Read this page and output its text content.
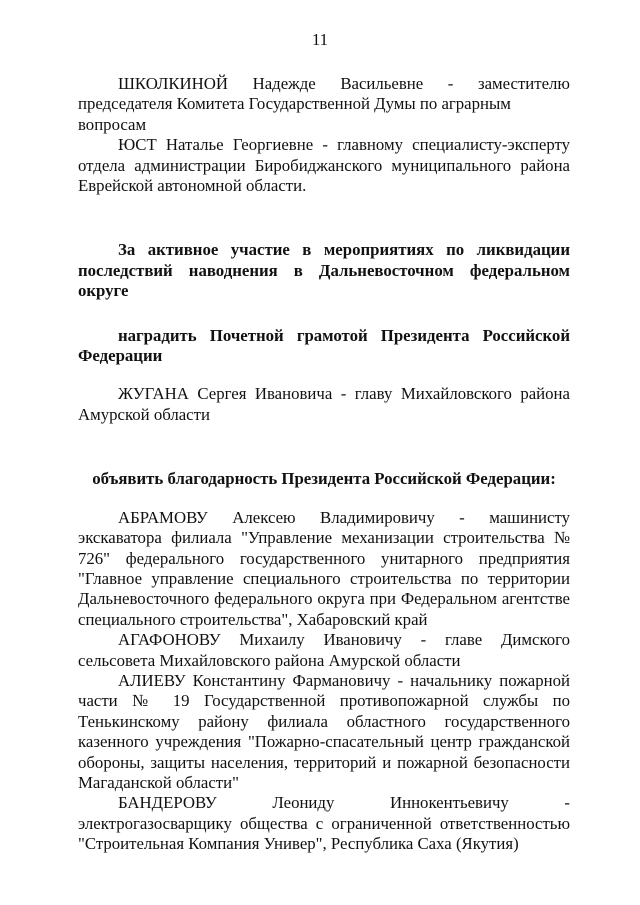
11
ШКОЛКИНОЙ Надежде Васильевне - заместителю

председателя Комитета Государственной Думы по аграрным вопросам

ЮСТ Наталье Георгиевне - главному специалисту-эксперту отдела администрации Биробиджанского муниципального района Еврейской автономной области.

За активное участие в мероприятиях по ликвидации последствий наводнения в Дальневосточном федеральном округе

наградить Почетной грамотой Президента Российской Федерации

ЖУГАНА Сергея Ивановича - главу Михайловского района Амурской области

объявить благодарность Президента Российской Федерации:

АБРАМОВУ Алексею Владимировичу - машинисту экскаватора филиала "Управление механизации строительства № 726" федерального государственного унитарного предприятия "Главное управление специального строительства по территории Дальневосточного федерального округа при Федеральном агентстве специального строительства", Хабаровский край

АГАФОНОВУ Михаилу Ивановичу - главе Димского сельсовета Михайловского района Амурской области

АЛИЕВУ Константину Фармановичу - начальнику пожарной части № 19 Государственной противопожарной службы по Тенькинскому району филиала областного государственного казенного учреждения "Пожарно-спасательный центр гражданской обороны, защиты населения, территорий и пожарной безопасности Магаданской области"

БАНДЕРОВУ Леониду Иннокентьевичу - электрогазосварщику общества с ограниченной ответственностью "Строительная Компания Универ", Республика Саха (Якутия)
